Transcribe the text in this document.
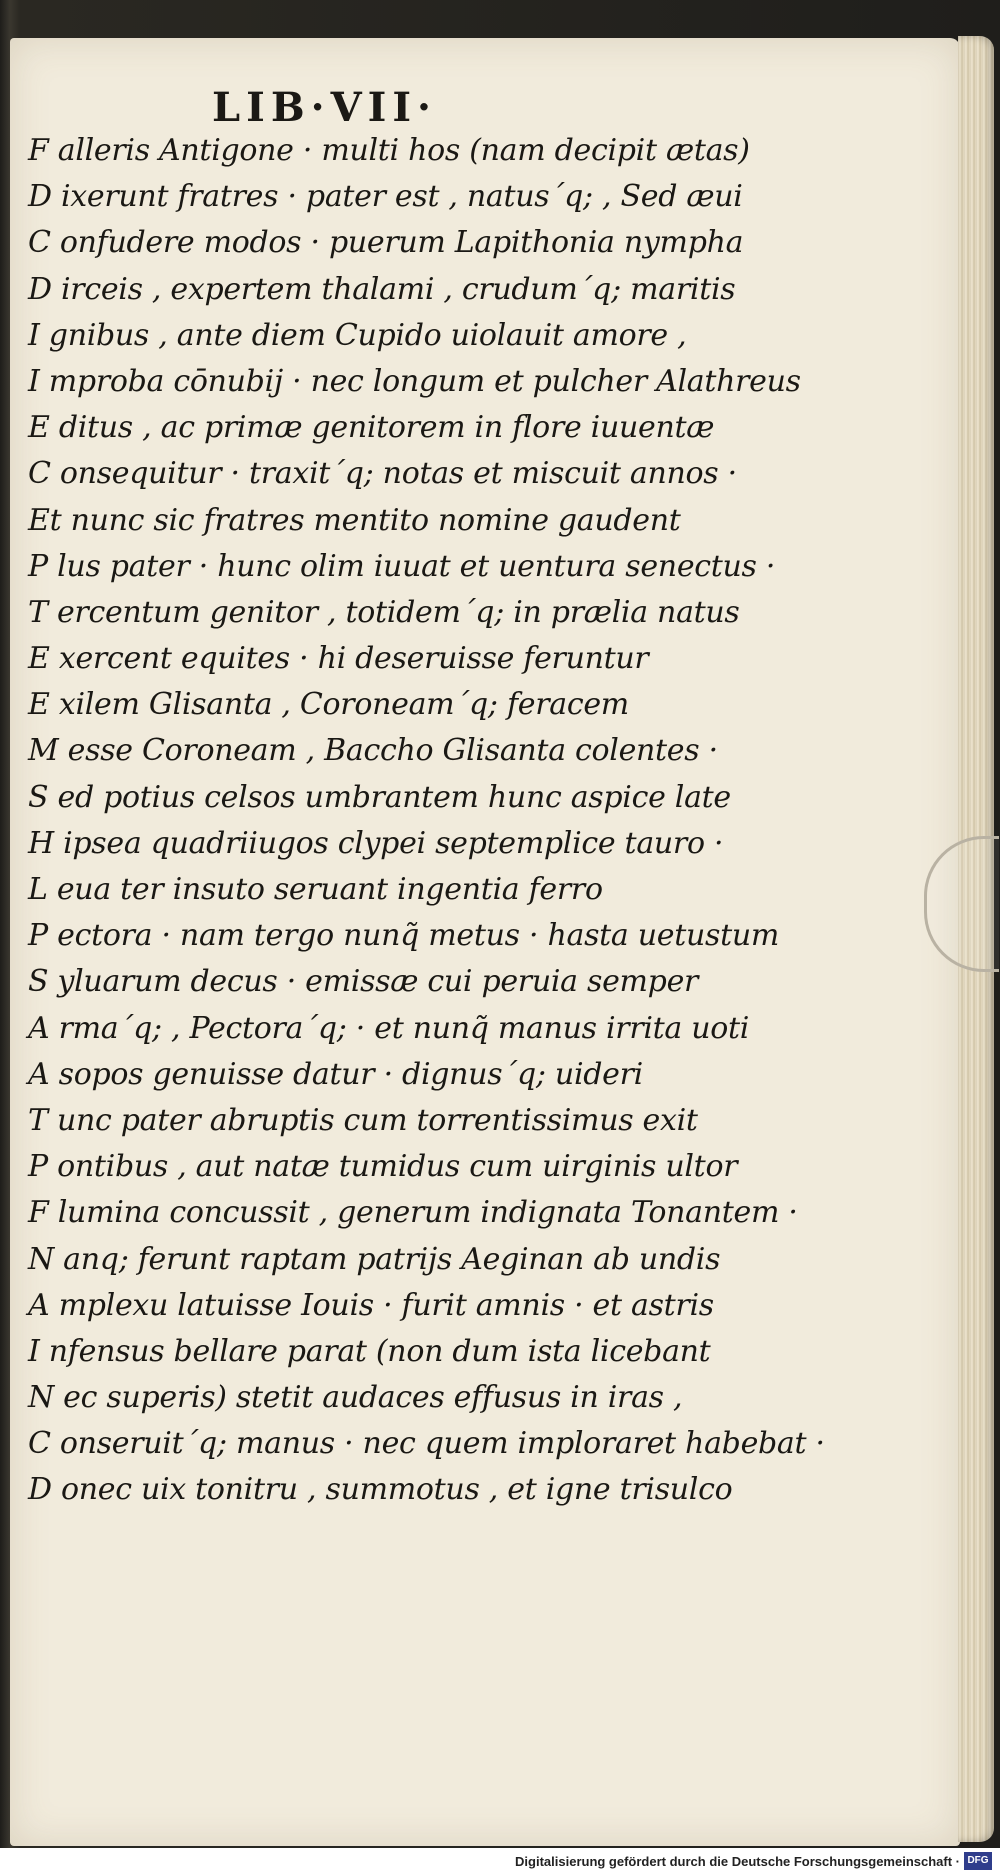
LIB·VII·
F alleris Antigone · multi hos (nam decipit ætas)
D ixerunt fratres · pater est , natus´q; , Sed æui
C onfudere modos · puerum Lapithonia nympha
D irceis , expertem thalami , crudum´q; maritis
I gnibus , ante diem Cupido uiolauit amore ,
I mproba cōnubij · nec longum et pulcher Alathreus
E ditus , ac primæ genitorem in flore iuuentæ
C onsequitur · traxit´q; notas et miscuit annos ·
Et nunc sic fratres mentito nomine gaudent
P lus pater · hunc olim iuuat et uentura senectus ·
T ercentum genitor , totidem´q; in prælia natus
E xercent equites · hi deseruisse feruntur
E xilem Glisanta , Coroneam´q; feracem
M esse Coroneam , Baccho Glisanta colentes ·
S ed potius celsos umbrantem hunc aspice late
H ipsea quadriiugos clypei septemplice tauro ·
L eua ter insuto seruant ingentia ferro
P ectora · nam tergo nunq̃ metus · hasta uetustum
S yluarum decus · emissæ cui peruia semper
A rma´q; , Pectora´q; · et nunq̃ manus irrita uoti
A sopos genuisse datur · dignus´q; uideri
T unc pater abruptis cum torrentissimus exit
P ontibus , aut natæ tumidus cum uirginis ultor
F lumina concussit , generum indignata Tonantem ·
N anq; ferunt raptam patrijs Aeginan ab undis
A mplexu latuisse Iouis · furit amnis · et astris
I nfensus bellare parat (non dum ista licebant
N ec superis) stetit audaces effusus in iras ,
C onseruit´q; manus · nec quem imploraret habebat ·
D onec uix tonitru , summotus , et igne trisulco
Digitalisierung gefördert durch die Deutsche Forschungsgemeinschaft · DFG
